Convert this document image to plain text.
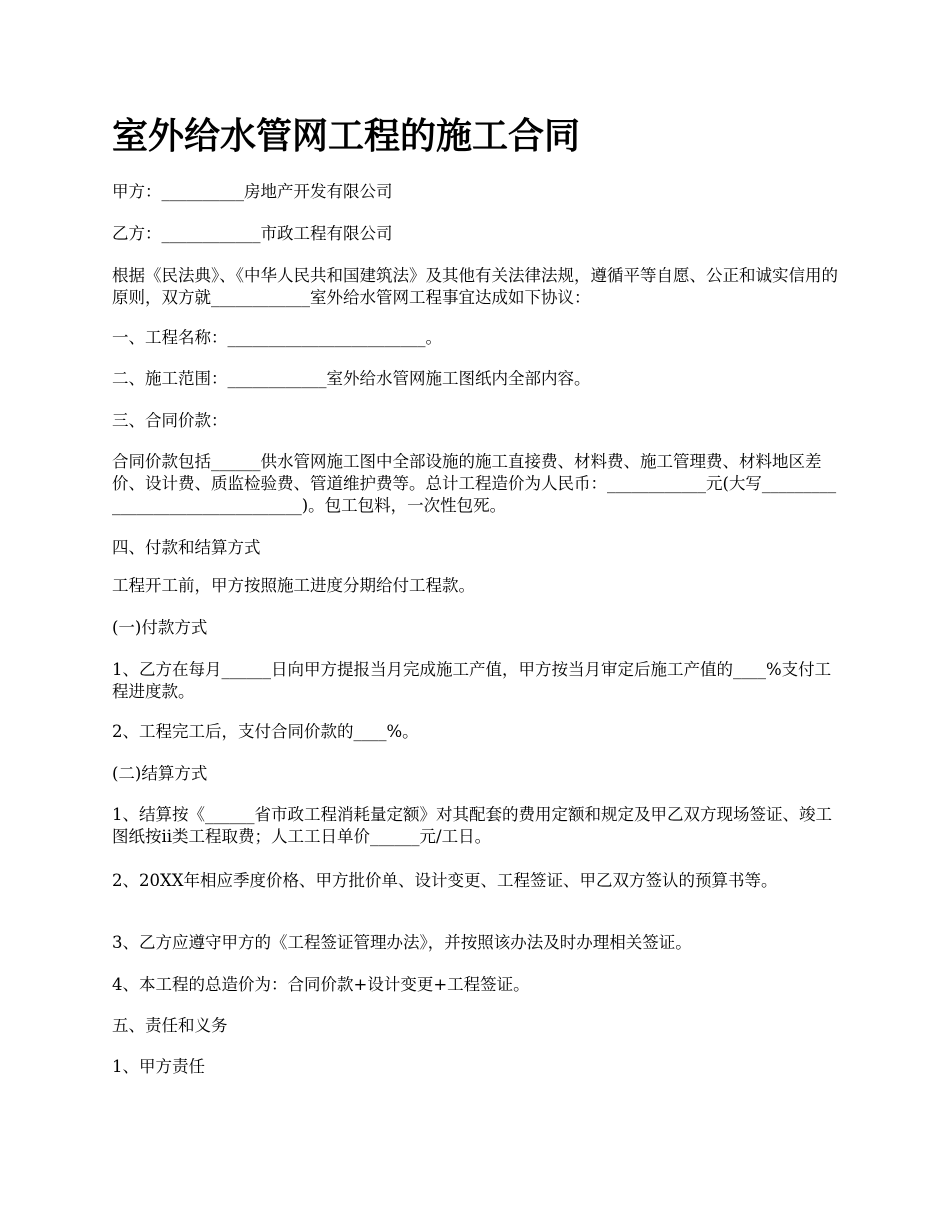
室外给水管网工程的施工合同
甲方：__________房地产开发有限公司
乙方：____________市政工程有限公司
根据《民法典》、《中华人民共和国建筑法》及其他有关法律法规，遵循平等自愿、公正和诚实信用的原则，双方就____________室外给水管网工程事宜达成如下协议：
一、工程名称：________________________。
二、施工范围：____________室外给水管网施工图纸内全部内容。
三、合同价款：
合同价款包括______供水管网施工图中全部设施的施工直接费、材料费、施工管理费、材料地区差价、设计费、质监检验费、管道维护费等。总计工程造价为人民币：____________元(大写________________________________)。包工包料，一次性包死。
四、付款和结算方式
工程开工前，甲方按照施工进度分期给付工程款。
(一)付款方式
1、乙方在每月______日向甲方提报当月完成施工产值，甲方按当月审定后施工产值的____%支付工程进度款。
2、工程完工后，支付合同价款的____%。
(二)结算方式
1、结算按《______省市政工程消耗量定额》对其配套的费用定额和规定及甲乙双方现场签证、竣工图纸按ⅱ类工程取费；人工工日单价______元/工日。
2、20XX年相应季度价格、甲方批价单、设计变更、工程签证、甲乙双方签认的预算书等。
3、乙方应遵守甲方的《工程签证管理办法》，并按照该办法及时办理相关签证。
4、本工程的总造价为：合同价款+设计变更+工程签证。
五、责任和义务
1、甲方责任
